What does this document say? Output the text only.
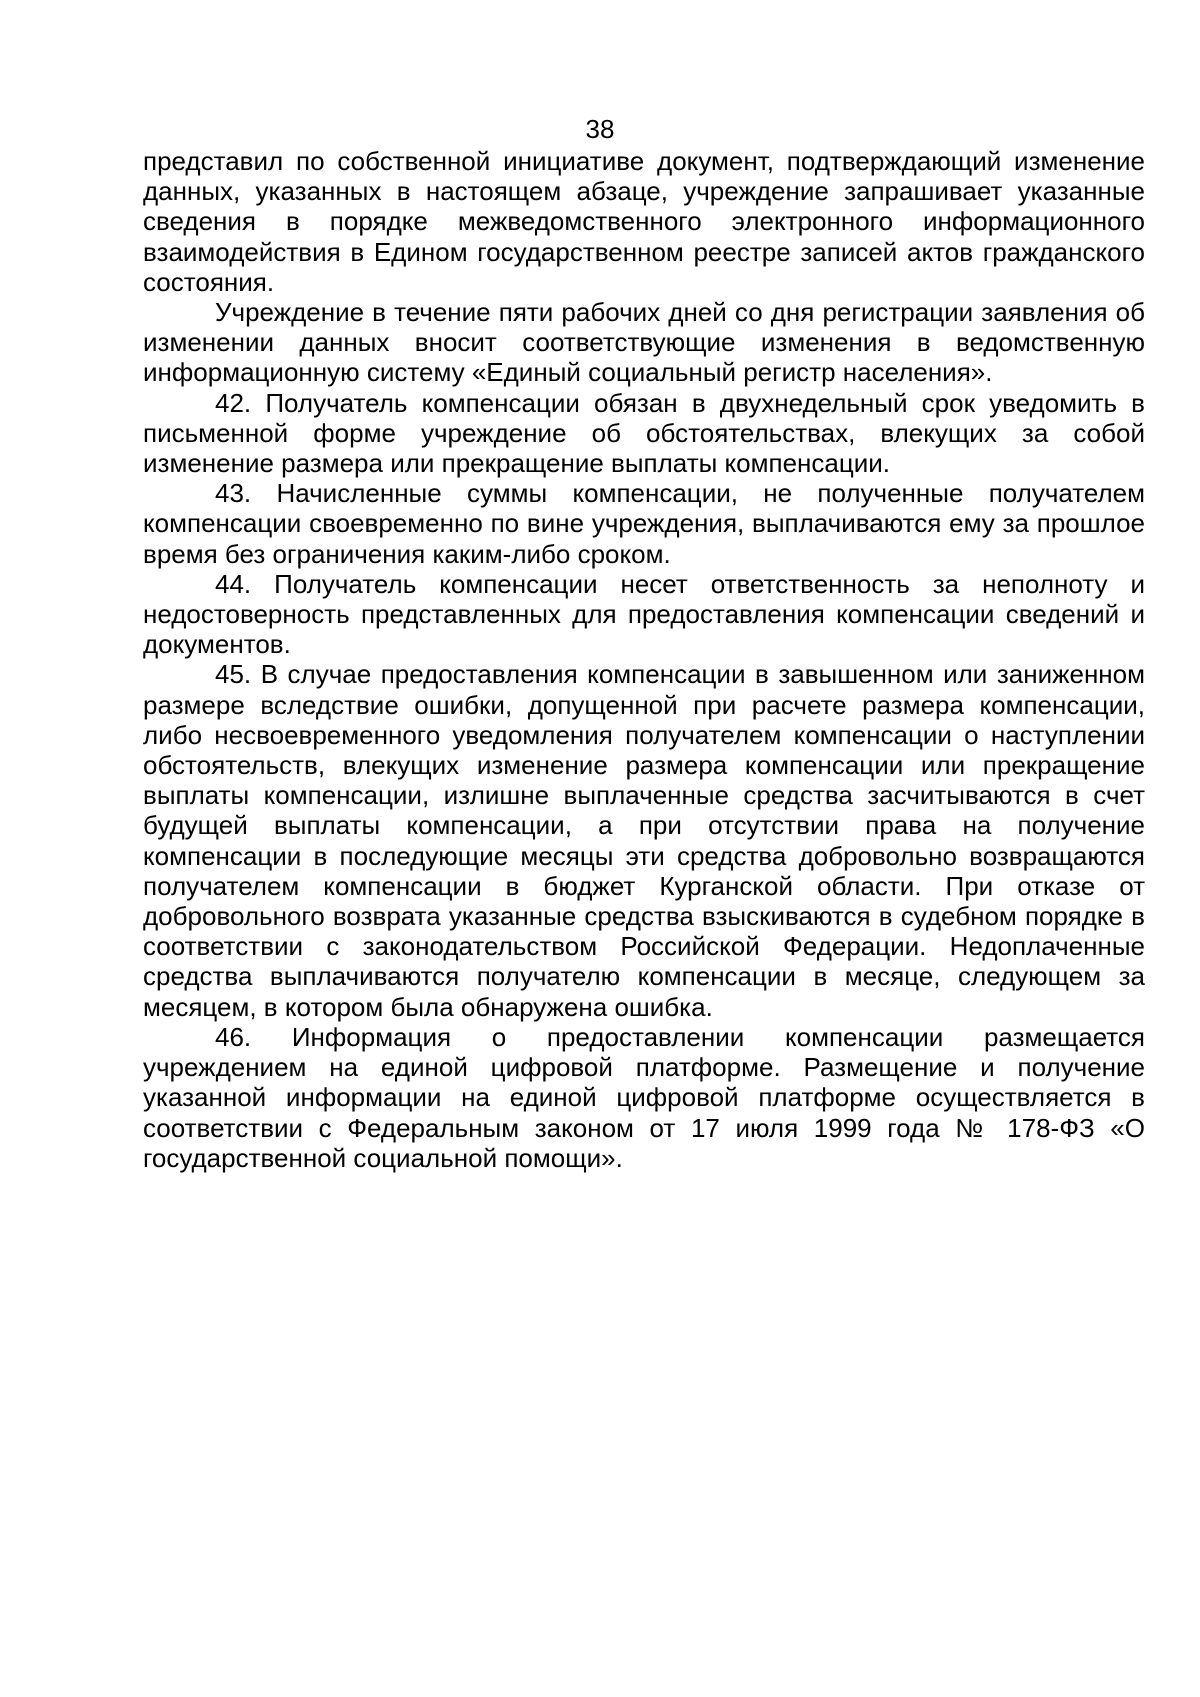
38

представил по собственной инициативе документ, подтверждающий изменение данных, указанных в настоящем абзаце, учреждение запрашивает указанные сведения в порядке межведомственного электронного информационного взаимодействия в Едином государственном реестре записей актов гражданского состояния.

Учреждение в течение пяти рабочих дней со дня регистрации заявления об изменении данных вносит соответствующие изменения в ведомственную информационную систему «Единый социальный регистр населения».

42. Получатель компенсации обязан в двухнедельный срок уведомить в письменной форме учреждение об обстоятельствах, влекущих за собой изменение размера или прекращение выплаты компенсации.

43. Начисленные суммы компенсации, не полученные получателем компенсации своевременно по вине учреждения, выплачиваются ему за прошлое время без ограничения каким-либо сроком.

44. Получатель компенсации несет ответственность за неполноту и недостоверность представленных для предоставления компенсации сведений и документов.

45. В случае предоставления компенсации в завышенном или заниженном размере вследствие ошибки, допущенной при расчете размера компенсации, либо несвоевременного уведомления получателем компенсации о наступлении обстоятельств, влекущих изменение размера компенсации или прекращение выплаты компенсации, излишне выплаченные средства засчитываются в счет будущей выплаты компенсации, а при отсутствии права на получение компенсации в последующие месяцы эти средства добровольно возвращаются получателем компенсации в бюджет Курганской области. При отказе от добровольного возврата указанные средства взыскиваются в судебном порядке в соответствии с законодательством Российской Федерации. Недоплаченные средства выплачиваются получателю компенсации в месяце, следующем за месяцем, в котором была обнаружена ошибка.

46. Информация о предоставлении компенсации размещается учреждением на единой цифровой платформе. Размещение и получение указанной информации на единой цифровой платформе осуществляется в соответствии с Федеральным законом от 17 июля 1999 года № 178-ФЗ «О государственной социальной помощи».
